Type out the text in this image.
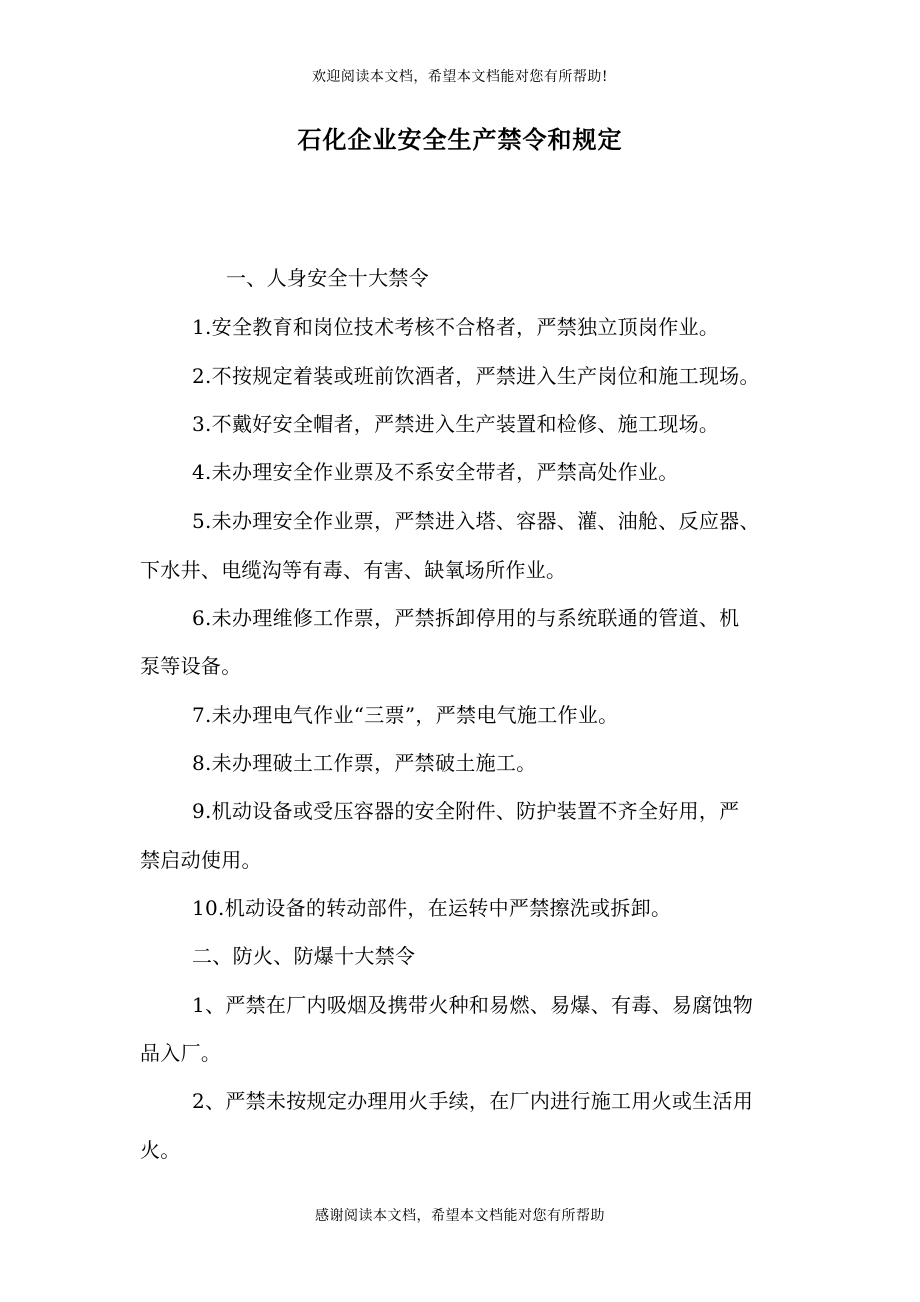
欢迎阅读本文档，希望本文档能对您有所帮助!
石化企业安全生产禁令和规定
一、人身安全十大禁令
1.安全教育和岗位技术考核不合格者，严禁独立顶岗作业。
2.不按规定着装或班前饮酒者，严禁进入生产岗位和施工现场。
3.不戴好安全帽者，严禁进入生产装置和检修、施工现场。
4.未办理安全作业票及不系安全带者，严禁高处作业。
5.未办理安全作业票，严禁进入塔、容器、灌、油舱、反应器、
下水井、电缆沟等有毒、有害、缺氧场所作业。
6.未办理维修工作票，严禁拆卸停用的与系统联通的管道、机
泵等设备。
7.未办理电气作业“三票”，严禁电气施工作业。
8.未办理破土工作票，严禁破土施工。
9.机动设备或受压容器的安全附件、防护装置不齐全好用，严
禁启动使用。
10.机动设备的转动部件，在运转中严禁擦洗或拆卸。
二、防火、防爆十大禁令
1、严禁在厂内吸烟及携带火种和易燃、易爆、有毒、易腐蚀物
品入厂。
2、严禁未按规定办理用火手续，在厂内进行施工用火或生活用
火。
感谢阅读本文档，希望本文档能对您有所帮助
